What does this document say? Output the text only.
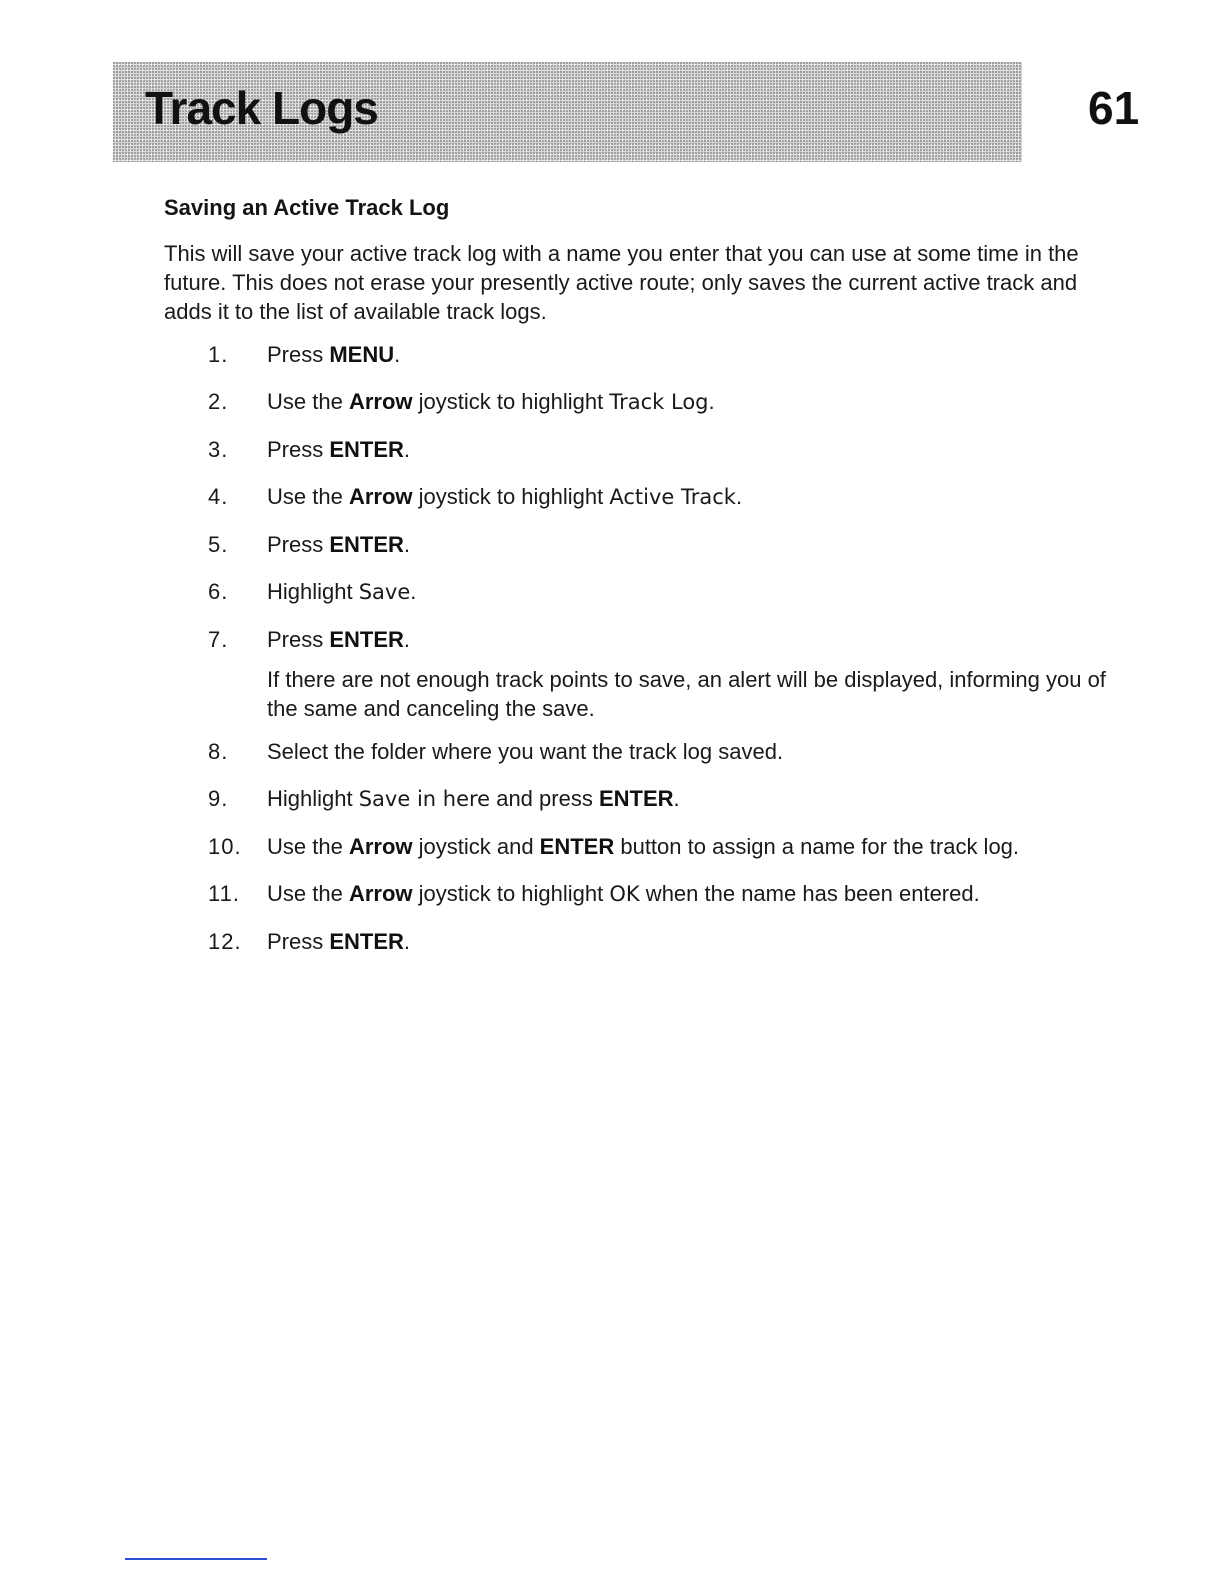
Track Logs	61
Saving an Active Track Log

This will save your active track log with a name you enter that you can use at some time in the future. This does not erase your presently active route; only saves the current active track and adds it to the list of available track logs.

1. Press MENU.
2. Use the Arrow joystick to highlight Track Log.
3. Press ENTER.
4. Use the Arrow joystick to highlight Active Track.
5. Press ENTER.
6. Highlight Save.
7. Press ENTER.
If there are not enough track points to save, an alert will be displayed, informing you of the same and canceling the save.
8. Select the folder where you want the track log saved.
9. Highlight Save in here and press ENTER.
10. Use the Arrow joystick and ENTER button to assign a name for the track log.
11. Use the Arrow joystick to highlight OK when the name has been entered.
12. Press ENTER.
